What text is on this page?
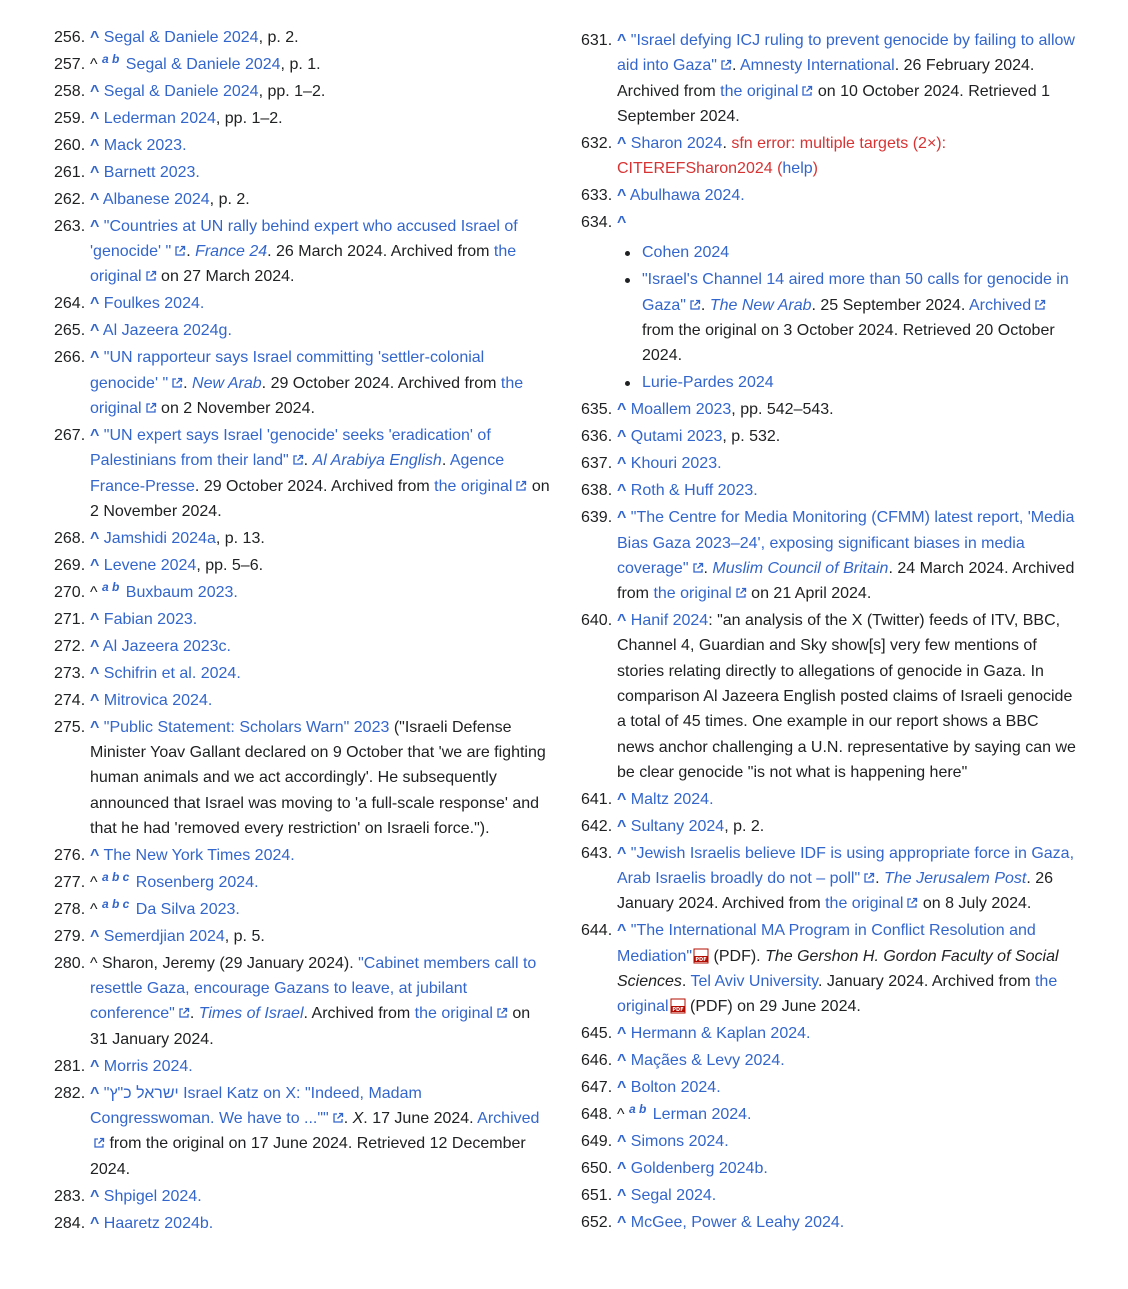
256. ^ Segal & Daniele 2024, p. 2.
257. ^ $^{a b}$ Segal & Daniele 2024, p. 1.
258. ^ Segal & Daniele 2024, pp. 1–2.
259. ^ Lederman 2024, pp. 1–2.
260. ^ Mack 2023.
261. ^ Barnett 2023.
262. ^ Albanese 2024, p. 2.
263. ^ "Countries at UN rally behind expert who accused Israel of 'genocide' " . France 24. 26 March 2024. Archived from the original on 27 March 2024.
264. ^ Foulkes 2024.
265. ^ Al Jazeera 2024g.
266. ^ "UN rapporteur says Israel committing 'settler-colonial genocide' " . New Arab. 29 October 2024. Archived from the original on 2 November 2024.
267. ^ "UN expert says Israel 'genocide' seeks 'eradication' of Palestinians from their land" . Al Arabiya English. Agence France-Presse. 29 October 2024. Archived from the original on 2 November 2024.
268. ^ Jamshidi 2024a, p. 13.
269. ^ Levene 2024, pp. 5–6.
270. ^ $^{a b}$ Buxbaum 2023.
271. ^ Fabian 2023.
272. ^ Al Jazeera 2023c.
273. ^ Schifrin et al. 2024.
274. ^ Mitrovica 2024.
275. ^ "Public Statement: Scholars Warn" 2023 ("Israeli Defense Minister Yoav Gallant declared on 9 October that 'we are fighting human animals and we act accordingly'. He subsequently announced that Israel was moving to 'a full-scale response' and that he had 'removed every restriction' on Israeli force.").
276. ^ The New York Times 2024.
277. ^ $^{a b c}$ Rosenberg 2024.
278. ^ $^{a b c}$ Da Silva 2023.
279. ^ Semerdjian 2024, p. 5.
280. ^ Sharon, Jeremy (29 January 2024). "Cabinet members call to resettle Gaza, encourage Gazans to leave, at jubilant conference" . Times of Israel. Archived from the original on 31 January 2024.
281. ^ Morris 2024.
282. ^ "ישראל כ"ץ Israel Katz on X: "Indeed, Madam Congresswoman. We have to ..."" . X. 17 June 2024. Archived from the original on 17 June 2024. Retrieved 12 December 2024.
283. ^ Shpigel 2024.
284. ^ Haaretz 2024b.
631. ^ "Israel defying ICJ ruling to prevent genocide by failing to allow aid into Gaza" . Amnesty International. 26 February 2024. Archived from the original on 10 October 2024. Retrieved 1 September 2024.
632. ^ Sharon 2024. sfn error: multiple targets (2×): CITEREFSharon2024 (help)
633. ^ Abulhawa 2024.
634. ^
Cohen 2024
"Israel's Channel 14 aired more than 50 calls for genocide in Gaza" . The New Arab. 25 September 2024. Archived from the original on 3 October 2024. Retrieved 20 October 2024.
Lurie-Pardes 2024
635. ^ Moallem 2023, pp. 542–543.
636. ^ Qutami 2023, p. 532.
637. ^ Khouri 2023.
638. ^ Roth & Huff 2023.
639. ^ "The Centre for Media Monitoring (CFMM) latest report, 'Media Bias Gaza 2023–24', exposing significant biases in media coverage" . Muslim Council of Britain. 24 March 2024. Archived from the original on 21 April 2024.
640. ^ Hanif 2024: "an analysis of the X (Twitter) feeds of ITV, BBC, Channel 4, Guardian and Sky show[s] very few mentions of stories relating directly to allegations of genocide in Gaza. In comparison Al Jazeera English posted claims of Israeli genocide a total of 45 times. One example in our report shows a BBC news anchor challenging a U.N. representative by saying can we be clear genocide "is not what is happening here"
641. ^ Maltz 2024.
642. ^ Sultany 2024, p. 2.
643. ^ "Jewish Israelis believe IDF is using appropriate force in Gaza, Arab Israelis broadly do not – poll" . The Jerusalem Post. 26 January 2024. Archived from the original on 8 July 2024.
644. ^ "The International MA Program in Conflict Resolution and Mediation" PDF (PDF). The Gershon H. Gordon Faculty of Social Sciences. Tel Aviv University. January 2024. Archived from the original PDF (PDF) on 29 June 2024.
645. ^ Hermann & Kaplan 2024.
646. ^ Maçães & Levy 2024.
647. ^ Bolton 2024.
648. ^ $^{a b}$ Lerman 2024.
649. ^ Simons 2024.
650. ^ Goldenberg 2024b.
651. ^ Segal 2024.
652. ^ McGee, Power & Leahy 2024.
